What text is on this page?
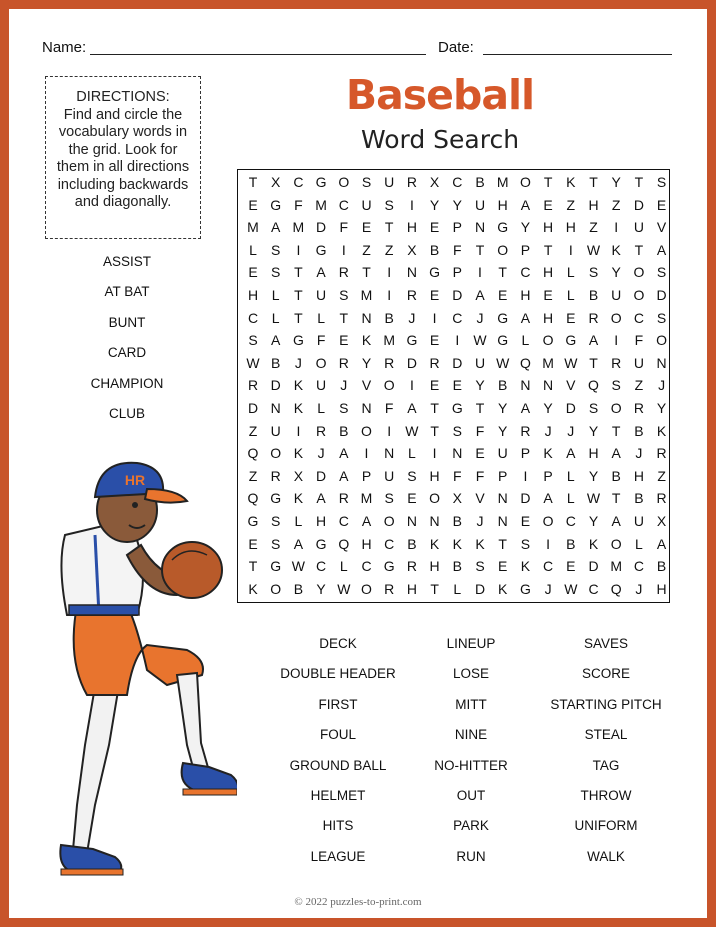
Name:	Date:
DIRECTIONS:
Find and circle the vocabulary words in the grid. Look for them in all directions including backwards and diagonally.
Baseball
Word Search
T X C G O S U R X C B M O T K T Y T S
E G F M C U S	I	Y Y U H A E Z H Z D E
M A M D F E T H E P N G Y H H Z	I	U V
L	S	I	G	I	Z	Z X B F	T O P T	I	W K T A
E S T A R T	I	N G P	I	T C H L	S Y O S
H L	T U S M	I	R E D A E H E	L	B U O D
C L	T	L	T N B	J	I	C	J G A H E R O C S
S A G F E K M G E	I	W G L O G A	I	F O
W B	J O R Y R D R D U W Q M W T R U N
R D K U	J	V O	I	E E Y B N N V Q S Z	J
D N K	L	S N F A T G T Y A Y D S O R Y
Z U	I	R B O	I	W T S F Y R	J	J	Y T B K
Q O K	J	A	I	N L	I	N E U P K A H A	J	R
Z R X D A P U S H F	F P	I	P	L	Y B H Z
Q G K A R M S E O X V N D A	L W T B R
G S	L H C A O N N B	J	N E O C Y A U X
E S A G Q H C B K K K T S	I	B K O L	A
T G W C L C G R H B S E K C E D M C B
K O B Y W O R H T	L D K G J W C Q J	H
ASSIST
AT BAT
BUNT
CARD
CHAMPION
CLUB
DECK
DOUBLE HEADER
FIRST
FOUL
GROUND BALL
HELMET
HITS
LEAGUE
LINEUP
LOSE
MITT
NINE
NO-HITTER
OUT
PARK
RUN
SAVES
SCORE
STARTING PITCH
STEAL
TAG
THROW
UNIFORM
WALK
HR
© 2022 puzzles-to-print.com
